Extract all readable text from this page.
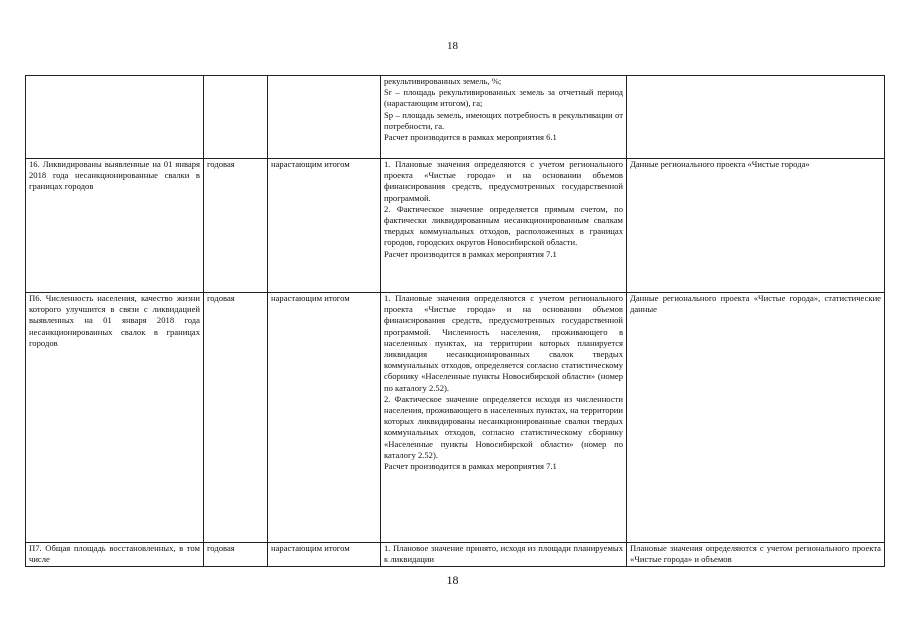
18

			рекультивированных земель, %;
Sr – площадь рекультивированных земель за отчетный период (нарастающим итогом), га;
Sp – площадь земель, имеющих потребность в рекультивации от потребности, га.
Расчет производится в рамках мероприятия 6.1	

16. Ликвидированы выявленные на 01 января 2018 года несанкционированные свалки в границах городов	годовая	нарастающим итогом	1. Плановые значения определяются с учетом регионального проекта «Чистые города» и на основании объемов финансирования средств, предусмотренных государственной программой.
2. Фактическое значение определяется прямым счетом, по фактически ликвидированным несанкционированным свалкам твердых коммунальных отходов, расположенных в границах городов, городских округов Новосибирской области.
Расчет производится в рамках мероприятия 7.1	Данные регионального проекта «Чистые города»
П6. Численность населения, качество жизни которого улучшится в связи с ликвидацией выявленных на 01 января 2018 года несанкционированных свалок в границах городов	годовая	нарастающим итогом	1. Плановые значения определяются с учетом регионального проекта «Чистые города» и на основании объемов финансирования средств, предусмотренных государственной программой. Численность населения, проживающего в населенных пунктах, на территории которых планируется ликвидация несанкционированных свалок твердых коммунальных отходов, определяется согласно статистическому сборнику «Населенные пункты Новосибирской области» (номер по каталогу 2.52).
2. Фактическое значение определяется исходя из численности населения, проживающего в населенных пунктах, на территории которых ликвидированы несанкционированные свалки твердых коммунальных отходов, согласно статистическому сборнику «Населенные пункты Новосибирской области» (номер по каталогу 2.52).
Расчет производится в рамках мероприятия 7.1	Данные регионального проекта «Чистые города», статистические данные

П7. Общая площадь восстановленных, в том числе	годовая	нарастающим итогом	1. Плановое значение принято, исходя из площади планируемых к ликвидации	Плановые значения определяются с учетом регионального проекта «Чистые города» и объемов
18
